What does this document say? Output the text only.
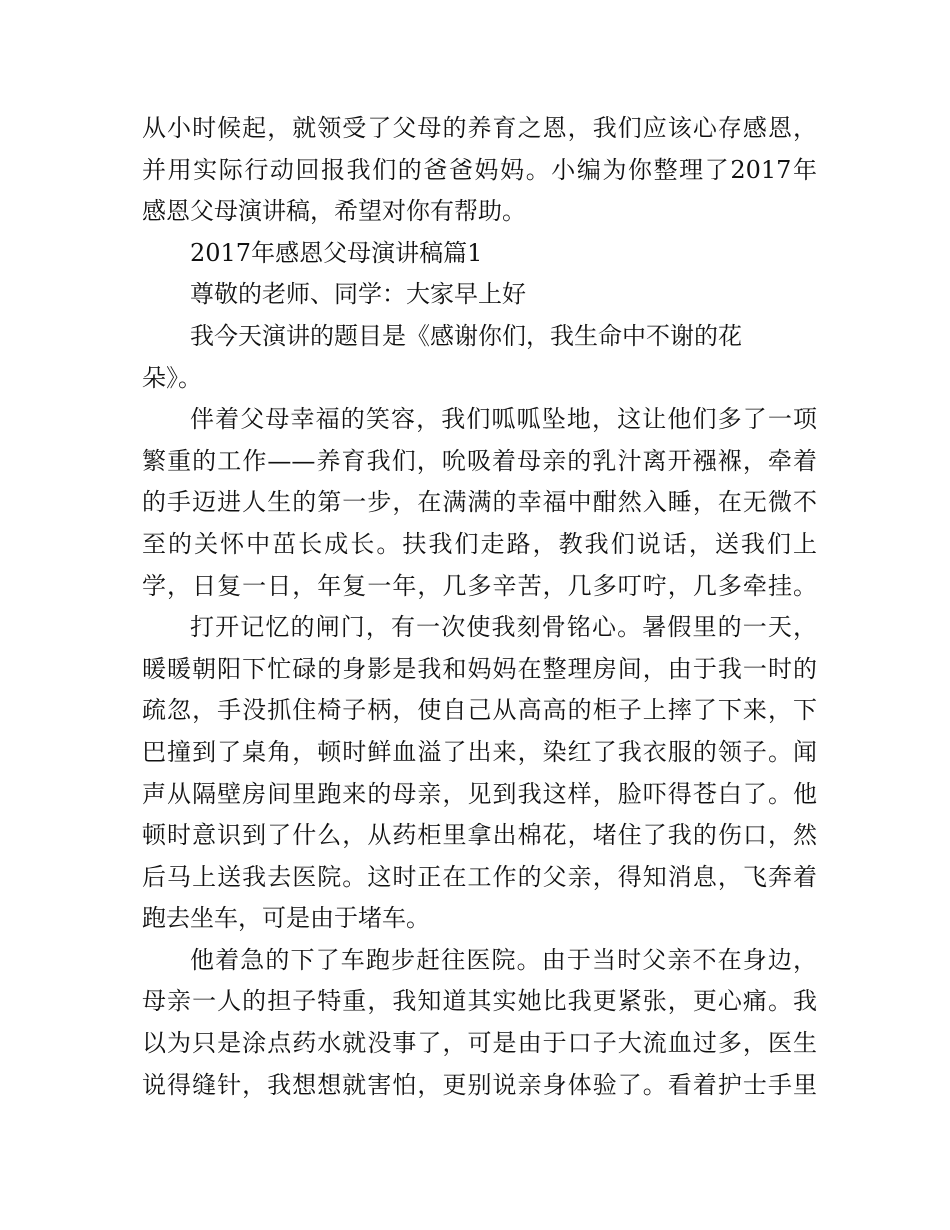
从小时候起，就领受了父母的养育之恩，我们应该心存感恩，
并用实际行动回报我们的爸爸妈妈。小编为你整理了2017年
感恩父母演讲稿，希望对你有帮助。
2017年感恩父母演讲稿篇1
尊敬的老师、同学：大家早上好
我今天演讲的题目是《感谢你们，我生命中不谢的花
朵》。
伴着父母幸福的笑容，我们呱呱坠地，这让他们多了一项
繁重的工作——养育我们，吮吸着母亲的乳汁离开襁褓，牵着
的手迈进人生的第一步，在满满的幸福中酣然入睡，在无微不
至的关怀中茁长成长。扶我们走路，教我们说话，送我们上
学，日复一日，年复一年，几多辛苦，几多叮咛，几多牵挂。
打开记忆的闸门，有一次使我刻骨铭心。暑假里的一天，
暖暖朝阳下忙碌的身影是我和妈妈在整理房间，由于我一时的
疏忽，手没抓住椅子柄，使自己从高高的柜子上摔了下来，下
巴撞到了桌角，顿时鲜血溢了出来，染红了我衣服的领子。闻
声从隔壁房间里跑来的母亲，见到我这样，脸吓得苍白了。他
顿时意识到了什么，从药柜里拿出棉花，堵住了我的伤口，然
后马上送我去医院。这时正在工作的父亲，得知消息，飞奔着
跑去坐车，可是由于堵车。
他着急的下了车跑步赶往医院。由于当时父亲不在身边，
母亲一人的担子特重，我知道其实她比我更紧张，更心痛。我
以为只是涂点药水就没事了，可是由于口子大流血过多，医生
说得缝针，我想想就害怕，更别说亲身体验了。看着护士手里
